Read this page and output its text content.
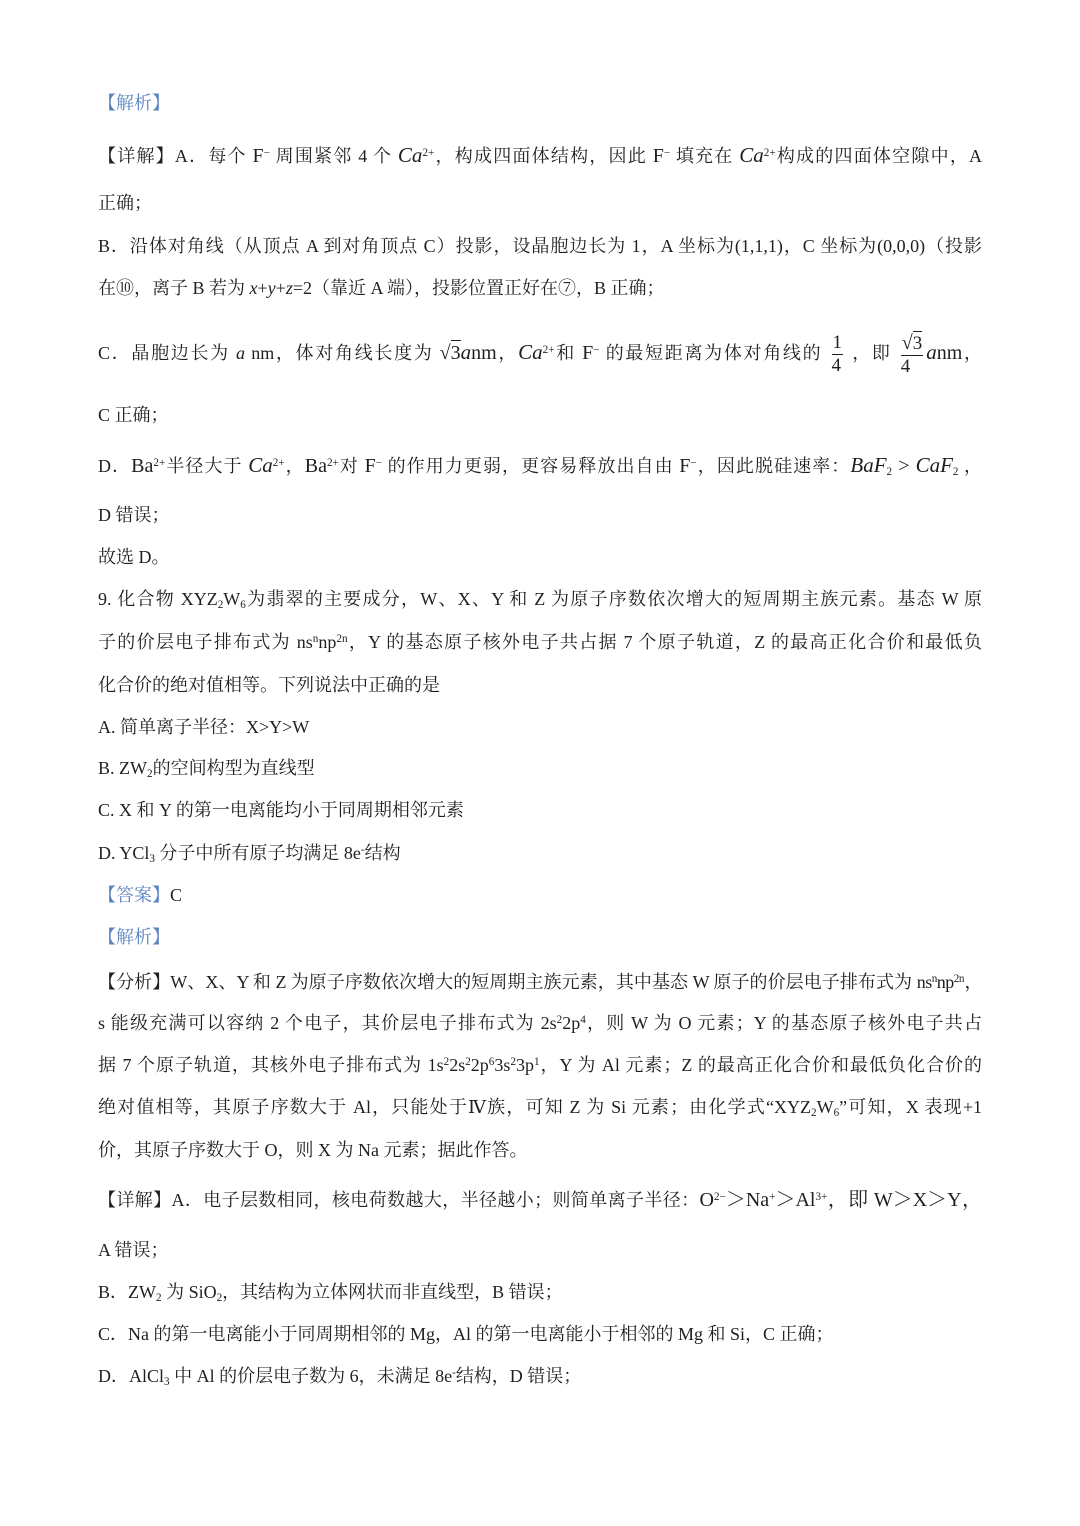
【解析】
【详解】A．每个 F− 周围紧邻 4 个 $Ca^{2+}$，构成四面体结构，因此 F− 填充在 $Ca^{2+}$构成的四面体空隙中，A
正确；
B．沿体对角线（从顶点 A 到对角顶点 C）投影，设晶胞边长为 1，A 坐标为(1,1,1)，C 坐标为(0,0,0)（投影
在⑩，离子 B 若为 x+y+z=2（靠近 A 端），投影位置正好在⑦，B 正确；
C．晶胞边长为 a nm，体对角线长度为 √3anm，$Ca^{2+}$和 F− 的最短距离为体对角线的 $\frac{1}{4}$ ，即 $\frac{√3}{4}$ anm，
C 正确；
D．$Ba^{2+}$半径大于 $Ca^{2+}$，$Ba^{2+}$对 F− 的作用力更弱，更容易释放出自由 F−，因此脱硅速率：BaF$_2$ > CaF$_2$ ，
D 错误；
故选 D。
9. 化合物 $XYZ_2W_6$为翡翠的主要成分，W、X、Y 和 Z 为原子序数依次增大的短周期主族元素。基态 W 原
子的价层电子排布式为 $ns^nnp^{2n}$，Y 的基态原子核外电子共占据 7 个原子轨道，Z 的最高正化合价和最低负
化合价的绝对值相等。下列说法中正确的是
A. 简单离子半径：X>Y>W
B. $ZW_2$的空间构型为直线型
C. X 和 Y 的第一电离能均小于同周期相邻元素
D. YCl$_3$ 分子中所有原子均满足 8e-结构
【答案】C
【解析】
【分析】W、X、Y 和 Z 为原子序数依次增大的短周期主族元素，其中基态 W 原子的价层电子排布式为 $ns^nnp^{2n}$，
s 能级充满可以容纳 2 个电子，其价层电子排布式为 $2s^22p^4$，则 W 为 O 元素；Y 的基态原子核外电子共占
据 7 个原子轨道，其核外电子排布式为 $1s^22s^22p^63s^23p^1$，Y 为 Al 元素；Z 的最高正化合价和最低负化合价的
绝对值相等，其原子序数大于 Al，只能处于Ⅳ族，可知 Z 为 Si 元素；由化学式“$XYZ_2W_6$”可知，X 表现+1
价，其原子序数大于 O，则 X 为 Na 元素；据此作答。
【详解】A．电子层数相同，核电荷数越大，半径越小；则简单离子半径：$O^{2-}>Na^+>Al^{3+}$，即 W＞X＞Y，
A 错误；
B．$ZW_2$ 为 SiO$_2$，其结构为立体网状而非直线型，B 错误；
C．Na 的第一电离能小于同周期相邻的 Mg，Al 的第一电离能小于相邻的 Mg 和 Si，C 正确；
D．AlCl$_3$ 中 Al 的价层电子数为 6，未满足 8e-结构，D 错误；
